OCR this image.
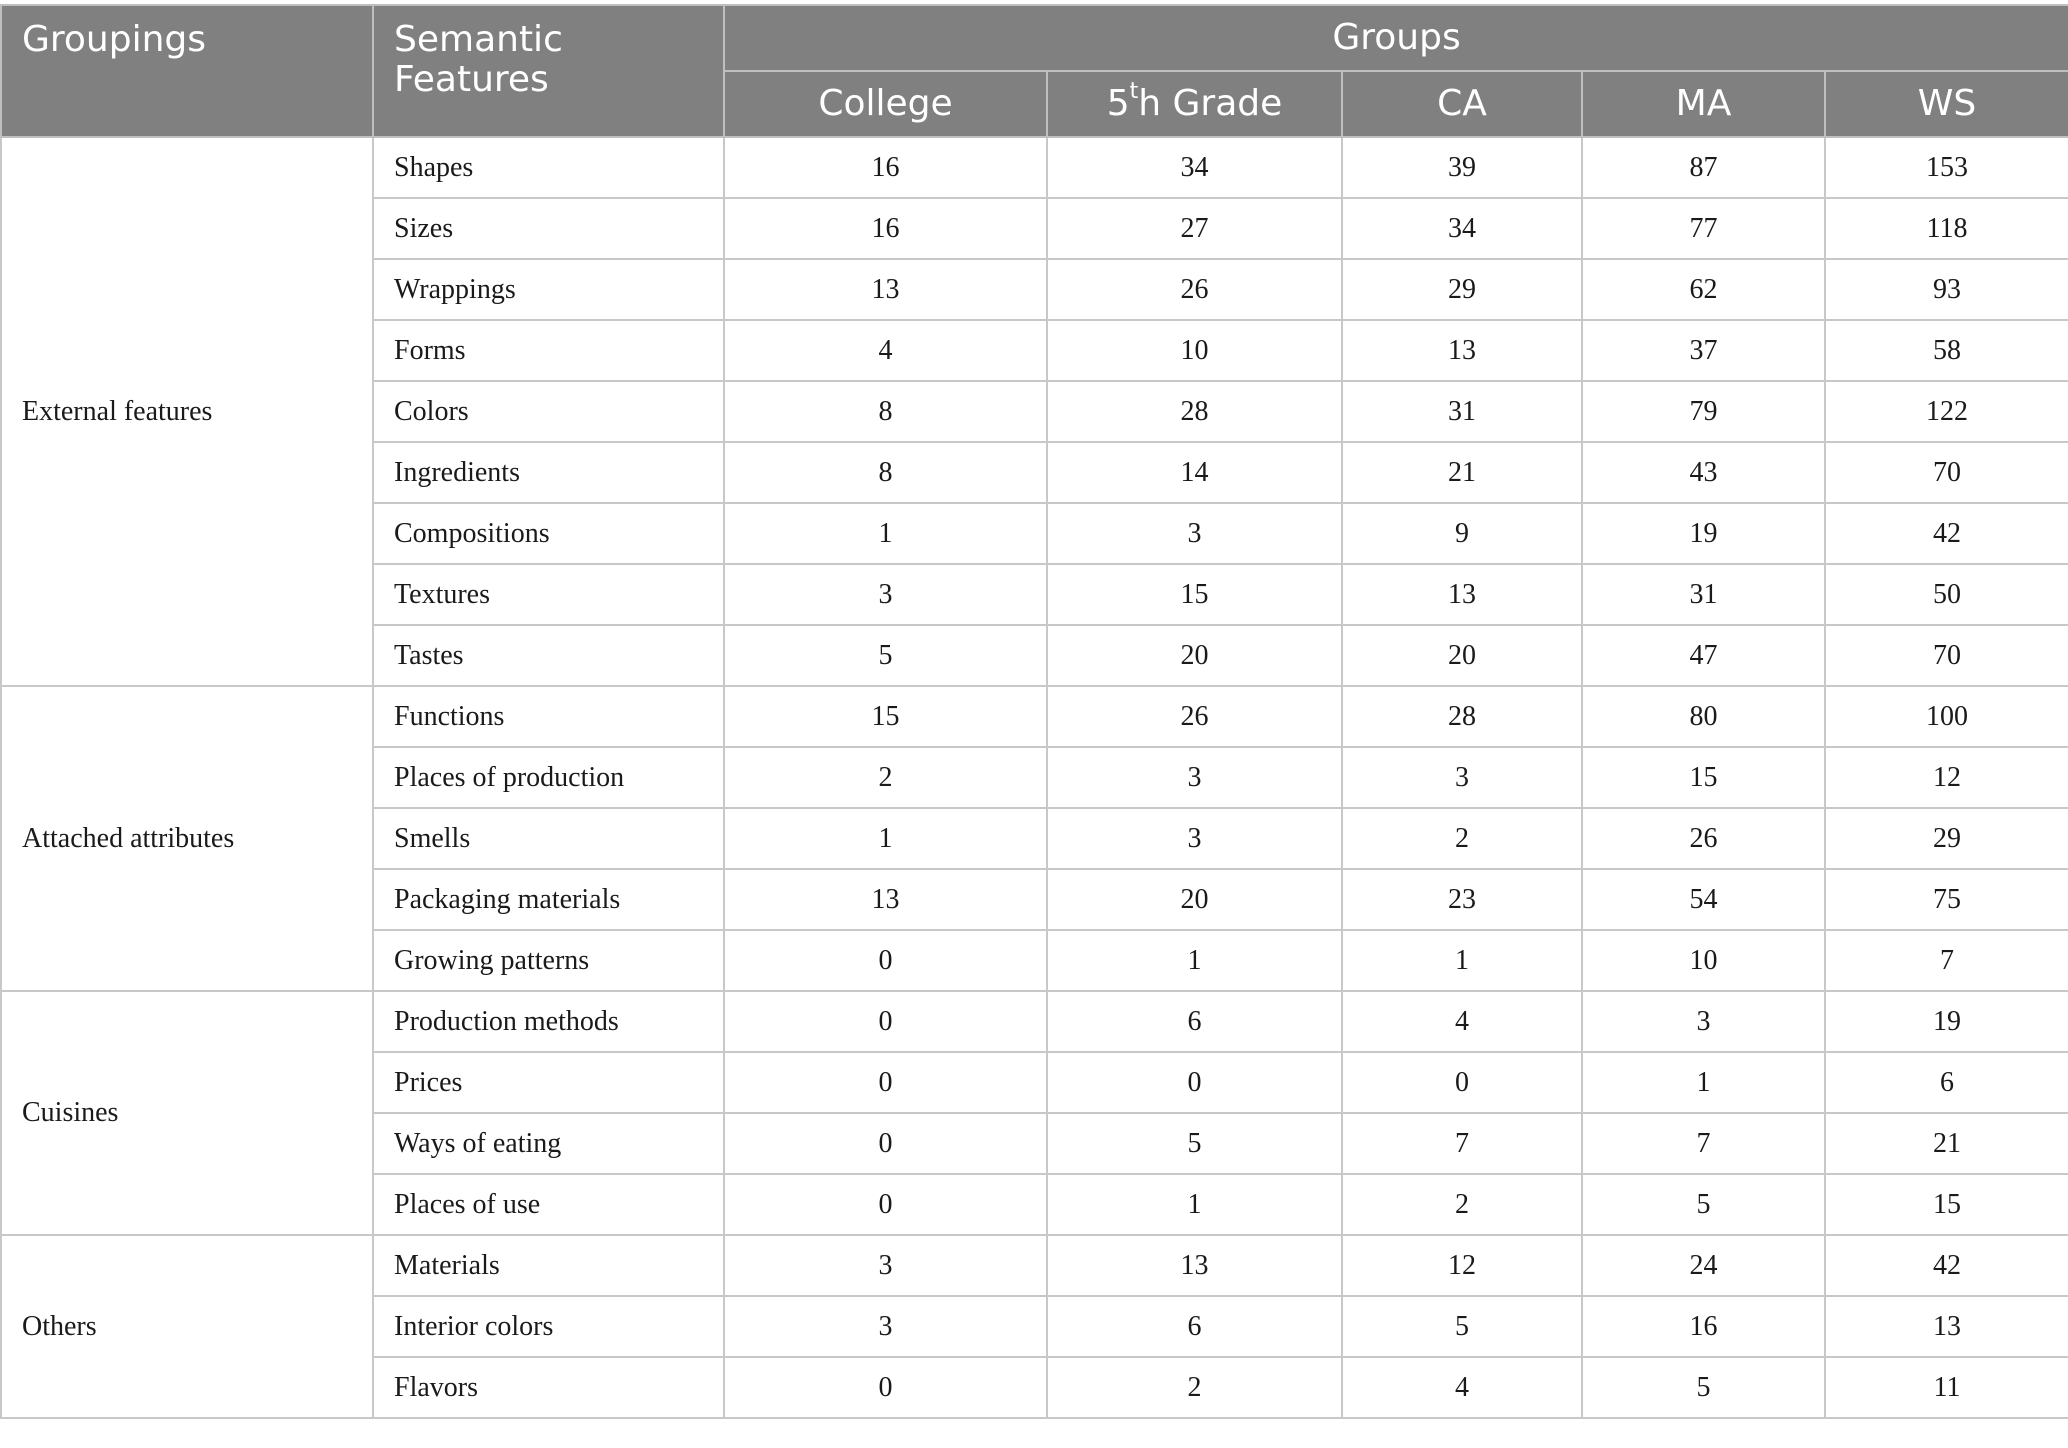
Groupings	Semantic Features	Groups				
		College	5$^t$h Grade	CA	MA	WS
External features	Shapes	16	34	39	87	153
	Sizes	16	27	34	77	118
	Wrappings	13	26	29	62	93
	Forms	4	10	13	37	58
	Colors	8	28	31	79	122
	Ingredients	8	14	21	43	70
	Compositions	1	3	9	19	42
	Textures	3	15	13	31	50
	Tastes	5	20	20	47	70
Attached attributes	Functions	15	26	28	80	100
	Places of production	2	3	3	15	12
	Smells	1	3	2	26	29
	Packaging materials	13	20	23	54	75
	Growing patterns	0	1	1	10	7
Cuisines	Production methods	0	6	4	3	19
	Prices	0	0	0	1	6
	Ways of eating	0	5	7	7	21
	Places of use	0	1	2	5	15
Others	Materials	3	13	12	24	42
	Interior colors	3	6	5	16	13
	Flavors	0	2	4	5	11
